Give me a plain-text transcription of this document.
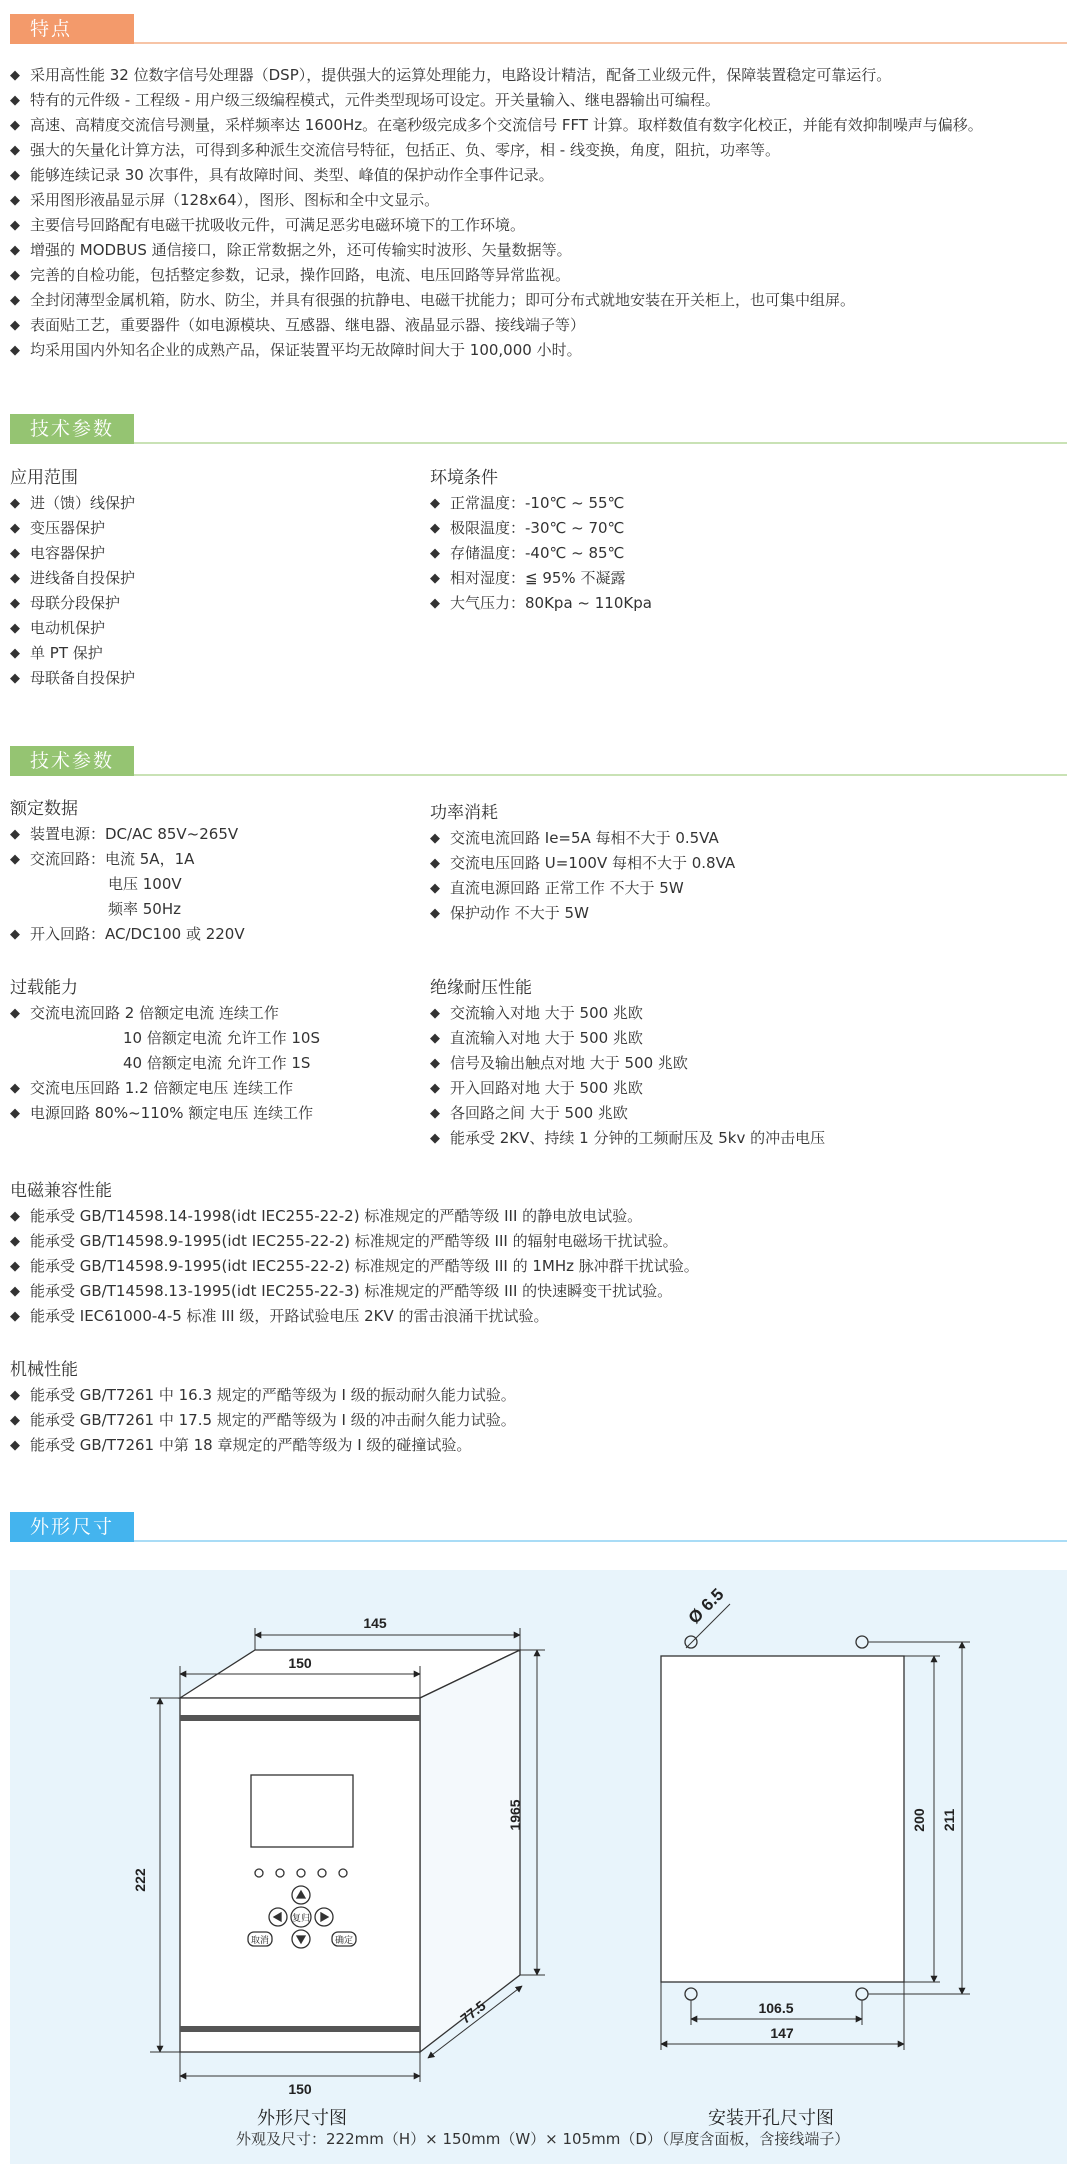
特点
◆ 采用高性能 32 位数字信号处理器（DSP），提供强大的运算处理能力，电路设计精洁，配备工业级元件，保障装置稳定可靠运行。
◆ 特有的元件级 - 工程级 - 用户级三级编程模式，元件类型现场可设定。开关量输入、继电器输出可编程。
◆ 高速、高精度交流信号测量，采样频率达 1600Hz。在毫秒级完成多个交流信号 FFT 计算。取样数值有数字化校正，并能有效抑制噪声与偏移。
◆ 强大的矢量化计算方法，可得到多种派生交流信号特征，包括正、负、零序，相 - 线变换，角度，阻抗，功率等。
◆ 能够连续记录 30 次事件，具有故障时间、类型、峰值的保护动作全事件记录。
◆ 采用图形液晶显示屏（128x64），图形、图标和全中文显示。
◆ 主要信号回路配有电磁干扰吸收元件，可满足恶劣电磁环境下的工作环境。
◆ 增强的 MODBUS 通信接口，除正常数据之外，还可传输实时波形、矢量数据等。
◆ 完善的自检功能，包括整定参数，记录，操作回路，电流、电压回路等异常监视。
◆ 全封闭薄型金属机箱，防水、防尘，并具有很强的抗静电、电磁干扰能力；即可分布式就地安装在开关柜上，也可集中组屏。
◆ 表面贴工艺，重要器件（如电源模块、互感器、继电器、液晶显示器、接线端子等）
◆ 均采用国内外知名企业的成熟产品，保证装置平均无故障时间大于 100,000 小时。
技术参数
应用范围
◆ 进（馈）线保护
◆ 变压器保护
◆ 电容器保护
◆ 进线备自投保护
◆ 母联分段保护
◆ 电动机保护
◆ 单 PT 保护
◆ 母联备自投保护
环境条件
◆ 正常温度：-10℃ ~ 55℃
◆ 极限温度：-30℃ ~ 70℃
◆ 存储温度：-40℃ ~ 85℃
◆ 相对湿度：≦ 95% 不凝露
◆ 大气压力：80Kpa ~ 110Kpa
技术参数
额定数据
◆ 装置电源：DC/AC 85V~265V
◆ 交流回路：电流 5A，1A
电压 100V
频率 50Hz
◆ 开入回路：AC/DC100 或 220V
功率消耗
◆ 交流电流回路 Ie=5A 每相不大于 0.5VA
◆ 交流电压回路 U=100V 每相不大于 0.8VA
◆ 直流电源回路 正常工作 不大于 5W
◆ 保护动作 不大于 5W
过载能力
◆ 交流电流回路 2 倍额定电流 连续工作
10 倍额定电流 允许工作 10S
40 倍额定电流 允许工作 1S
◆ 交流电压回路 1.2 倍额定电压 连续工作
◆ 电源回路 80%~110% 额定电压 连续工作
绝缘耐压性能
◆ 交流输入对地 大于 500 兆欧
◆ 直流输入对地 大于 500 兆欧
◆ 信号及输出触点对地 大于 500 兆欧
◆ 开入回路对地 大于 500 兆欧
◆ 各回路之间 大于 500 兆欧
◆ 能承受 2KV、持续 1 分钟的工频耐压及 5kv 的冲击电压
电磁兼容性能
◆ 能承受 GB/T14598.14-1998(idt IEC255-22-2) 标准规定的严酷等级 III 的静电放电试验。
◆ 能承受 GB/T14598.9-1995(idt IEC255-22-2) 标准规定的严酷等级 III 的辐射电磁场干扰试验。
◆ 能承受 GB/T14598.9-1995(idt IEC255-22-2) 标准规定的严酷等级 III 的 1MHz 脉冲群干扰试验。
◆ 能承受 GB/T14598.13-1995(idt IEC255-22-3) 标准规定的严酷等级 III 的快速瞬变干扰试验。
◆ 能承受 IEC61000-4-5 标准 III 级，开路试验电压 2KV 的雷击浪涌干扰试验。
机械性能
◆ 能承受 GB/T7261 中 16.3 规定的严酷等级为 I 级的振动耐久能力试验。
◆ 能承受 GB/T7261 中 17.5 规定的严酷等级为 I 级的冲击耐久能力试验。
◆ 能承受 GB/T7261 中第 18 章规定的严酷等级为 I 级的碰撞试验。
外形尺寸
复归
取消	确定
145
150
222
1965
77.5
150
Ø 6.5
200 211
106.5
147
外形尺寸图	安装开孔尺寸图
外观及尺寸：222mm（H）× 150mm（W）× 105mm（D）（厚度含面板，含接线端子）
